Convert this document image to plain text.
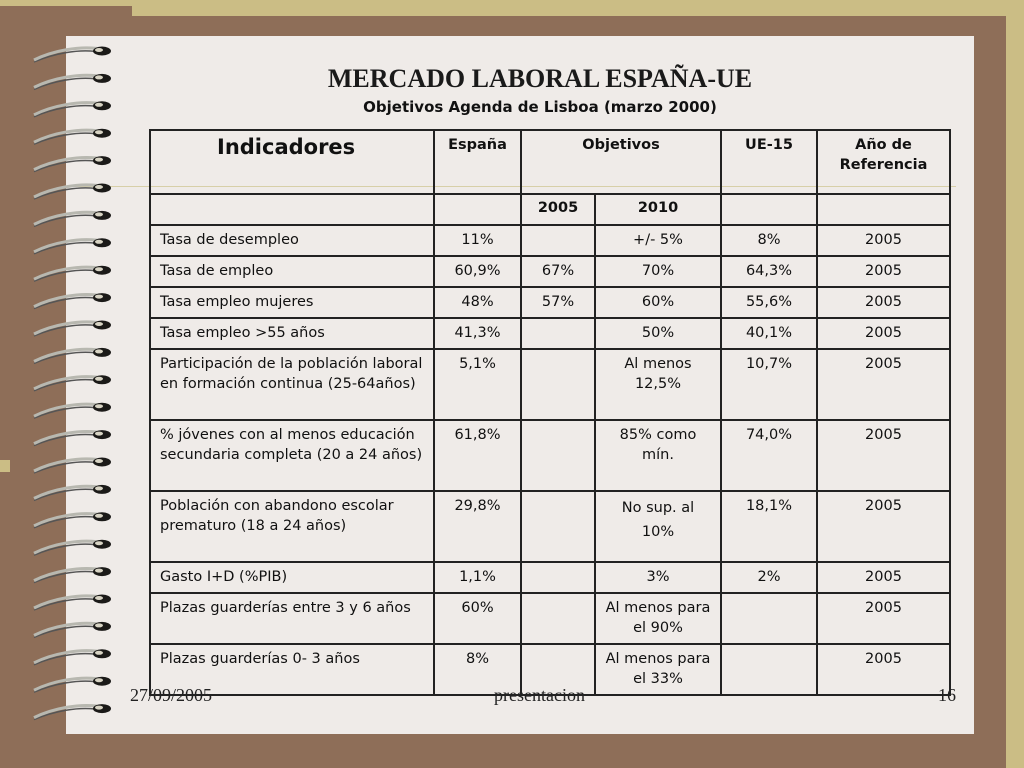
MERCADO LABORAL ESPAÑA-UE
Objetivos Agenda de Lisboa (marzo 2000)
Indicadores	España	Objetivos		UE-15	Año de Referencia
		2005	2010		
Tasa de desempleo	11%		+/- 5%	8%	2005
Tasa de empleo	60,9%	67%	70%	64,3%	2005
Tasa empleo mujeres	48%	57%	60%	55,6%	2005
Tasa empleo >55 años	41,3%		50%	40,1%	2005
Participación de la población laboral en formación continua (25-64años)	5,1%		Al menos 12,5%	10,7%	2005
% jóvenes con al menos educación secundaria completa (20 a 24 años)	61,8%		85% como mín.	74,0%	2005
Población con abandono escolar prematuro (18 a 24 años)	29,8%		No sup. al 10%	18,1%	2005
Gasto I+D (%PIB)	1,1%		3%	2%	2005
Plazas guarderías entre 3 y 6 años	60%		Al menos para el 90%		2005
Plazas guarderías 0- 3 años	8%		Al menos para el 33%		2005
27/09/2005	presentacion	16
